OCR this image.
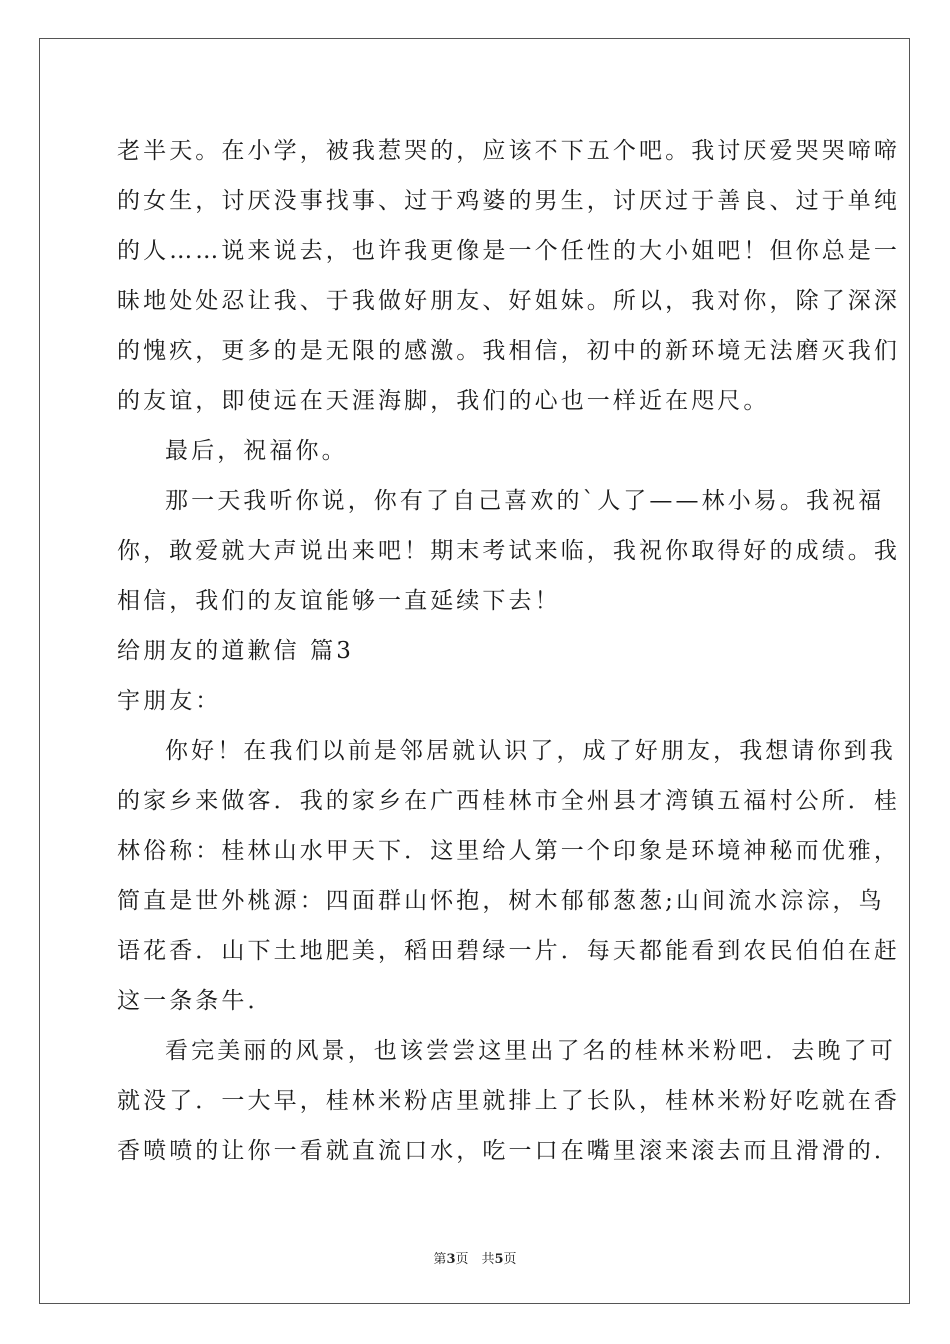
老半天。在小学，被我惹哭的，应该不下五个吧。我讨厌爱哭哭啼啼
的女生，讨厌没事找事、过于鸡婆的男生，讨厌过于善良、过于单纯
的人……说来说去，也许我更像是一个任性的大小姐吧！但你总是一
昧地处处忍让我、于我做好朋友、好姐妹。所以，我对你，除了深深
的愧疚，更多的是无限的感激。我相信，初中的新环境无法磨灭我们
的友谊，即使远在天涯海脚，我们的心也一样近在咫尺。
最后，祝福你。
那一天我听你说，你有了自己喜欢的`人了——林小易。我祝福
你，敢爱就大声说出来吧！期末考试来临，我祝你取得好的成绩。我
相信，我们的友谊能够一直延续下去！
给朋友的道歉信 篇3
宇朋友：
你好！在我们以前是邻居就认识了，成了好朋友，我想请你到我
的家乡来做客．我的家乡在广西桂林市全州县才湾镇五福村公所．桂
林俗称：桂林山水甲天下．这里给人第一个印象是环境神秘而优雅，
简直是世外桃源：四面群山怀抱，树木郁郁葱葱;山间流水淙淙，鸟
语花香．山下土地肥美，稻田碧绿一片．每天都能看到农民伯伯在赶
这一条条牛．
看完美丽的风景，也该尝尝这里出了名的桂林米粉吧．去晚了可
就没了．一大早，桂林米粉店里就排上了长队，桂林米粉好吃就在香
香喷喷的让你一看就直流口水，吃一口在嘴里滚来滚去而且滑滑的．
第3页　共5页
